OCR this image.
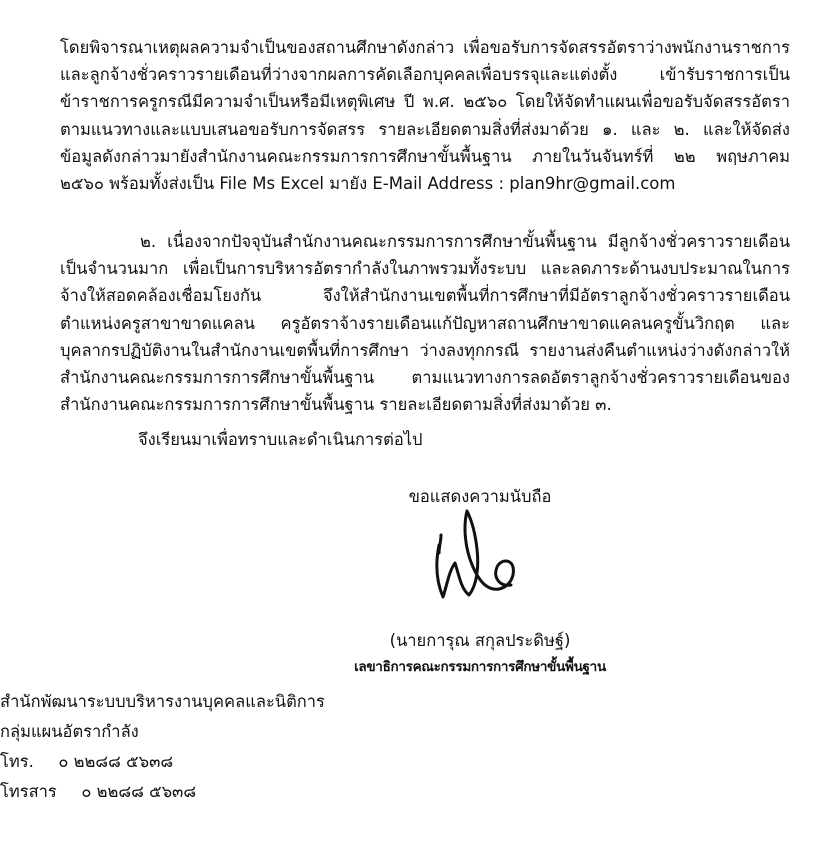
โดยพิจารณาเหตุผลความจำเป็นของสถานศึกษาดังกล่าว เพื่อขอรับการจัดสรรอัตราว่างพนักงานราชการและลูกจ้างชั่วคราวรายเดือนที่ว่างจากผลการคัดเลือกบุคคลเพื่อบรรจุและแต่งตั้ง เข้ารับราชการเป็นข้าราชการครูกรณีมีความจำเป็นหรือมีเหตุพิเศษ ปี พ.ศ. ๒๕๖๐ โดยให้จัดทำแผนเพื่อขอรับจัดสรรอัตราตามแนวทางและแบบเสนอขอรับการจัดสรร รายละเอียดตามสิ่งที่ส่งมาด้วย ๑. และ ๒. และให้จัดส่งข้อมูลดังกล่าวมายังสำนักงานคณะกรรมการการศึกษาขั้นพื้นฐาน ภายในวันจันทร์ที่ ๒๒ พฤษภาคม ๒๕๖๐ พร้อมทั้งส่งเป็น File Ms Excel มายัง E-Mail Address : plan9hr@gmail.com

๒. เนื่องจากปัจจุบันสำนักงานคณะกรรมการการศึกษาขั้นพื้นฐาน มีลูกจ้างชั่วคราวรายเดือนเป็นจำนวนมาก เพื่อเป็นการบริหารอัตรากำลังในภาพรวมทั้งระบบ และลดภาระด้านงบประมาณในการจ้างให้สอดคล้องเชื่อมโยงกัน จึงให้สำนักงานเขตพื้นที่การศึกษาที่มีอัตราลูกจ้างชั่วคราวรายเดือน ตำแหน่งครูสาขาขาดแคลน ครูอัตราจ้างรายเดือนแก้ปัญหาสถานศึกษาขาดแคลนครูขั้นวิกฤต และบุคลากรปฏิบัติงานในสำนักงานเขตพื้นที่การศึกษา ว่างลงทุกกรณี รายงานส่งคืนตำแหน่งว่างดังกล่าวให้สำนักงานคณะกรรมการการศึกษาขั้นพื้นฐาน ตามแนวทางการลดอัตราลูกจ้างชั่วคราวรายเดือนของสำนักงานคณะกรรมการการศึกษาขั้นพื้นฐาน รายละเอียดตามสิ่งที่ส่งมาด้วย ๓.

จึงเรียนมาเพื่อทราบและดำเนินการต่อไป

ขอแสดงความนับถือ
(นายการุณ สกุลประดิษฐ์)
เลขาธิการคณะกรรมการการศึกษาขั้นพื้นฐาน
สำนักพัฒนาระบบบริหารงานบุคคลและนิติการ
กลุ่มแผนอัตรากำลัง
โทร. ๐ ๒๒๘๘ ๕๖๓๘
โทรสาร ๐ ๒๒๘๘ ๕๖๓๘
